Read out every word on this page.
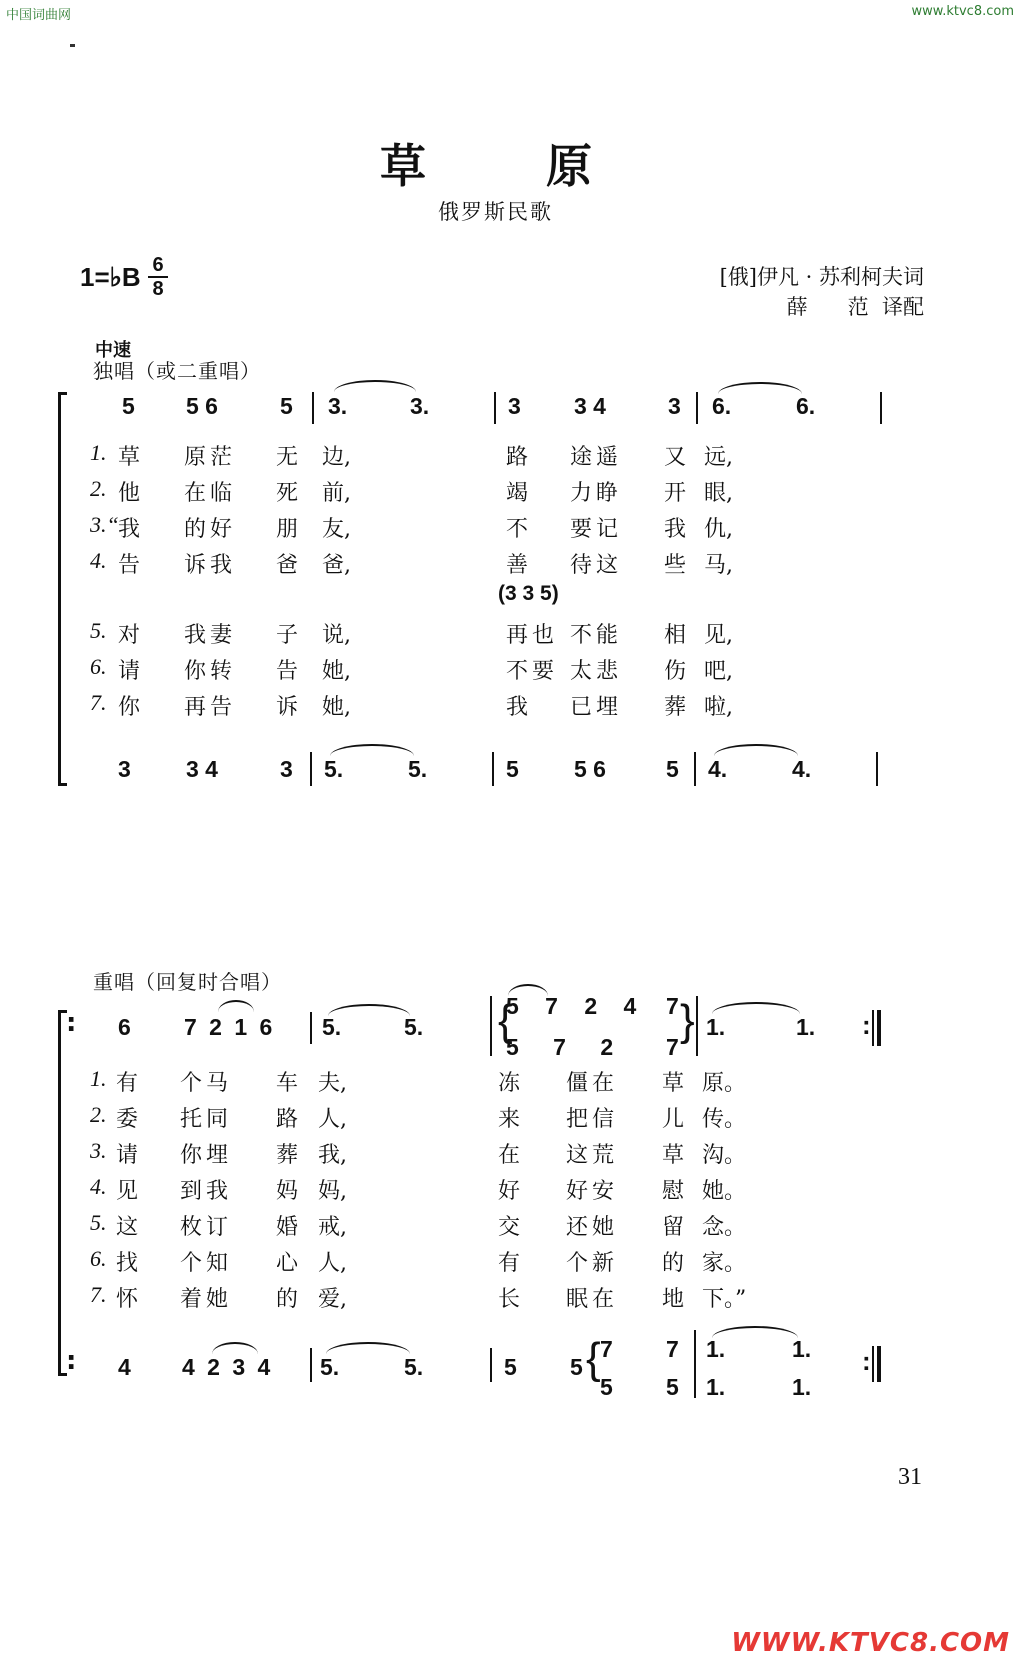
中国词曲网	www.ktvc8.com
WWW.KTVC8.COM
草原
俄罗斯民歌
1=♭B 6
8	[俄]伊凡 · 苏利柯夫词
薛      范  译配
中速
独唱（或二重唱）
5 5 6	5 3.	3.	3 3 4	3 6.	6.
1. 草 原茫 无 边,	路 途遥 又 远,
2. 他 在临 死 前,	竭 力睁 开 眼,
3.“ 我 的好 朋 友,	不 要记 我 仇,
4. 告 诉我 爸 爸,	善 待这 些 马,
(3 3 5)
5. 对 我妻 子 说,	再也 不能 相 见,
6. 请 你转 告 她,	不要 太悲 伤 吧,
7. 你 再告 诉 她,	我 已埋 葬 啦,
3 3 4	3 5.	5.	5 5 6	5 4.	4.
重唱（回复时合唱）
: 6 7 2 1 6 5.	5. {
5 7 2 4 7
5 7 2 7
} 1.	1. :
1. 有 个马 车 夫,	冻 僵在 草 原。
2. 委 托同 路 人,	来 把信 儿 传。
3. 请 你埋 葬 我,	在 这荒 草 沟。
4. 见 到我 妈 妈,	好 好安 慰 她。
5. 这 枚订 婚 戒,	交 还她 留 念。
6. 找 个知 心 人,	有 个新 的 家。
7. 怀 着她 的 爱,	长 眠在 地 下。”
: 4 4 2 3 4 5.	5.	5 5 { 7
5
7
5
1.	1.
1.	1.
:
31
